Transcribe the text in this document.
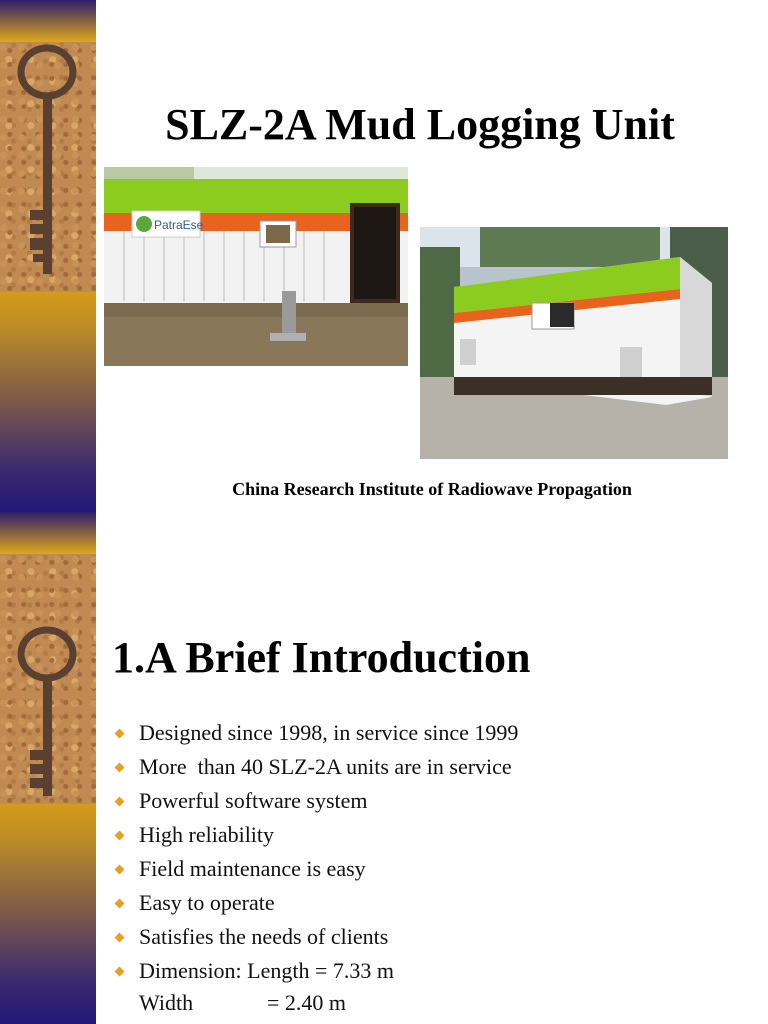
SLZ-2A Mud Logging Unit
PatraEse

China Research Institute of Radiowave Propagation

1.A Brief Introduction
Designed since 1998, in service since 1999
More  than 40 SLZ-2A units are in service
Powerful software system
High reliability
Field maintenance is easy
Easy to operate
Satisfies the needs of clients
Dimension: Length = 7.33 m
Width	= 2.40 m
